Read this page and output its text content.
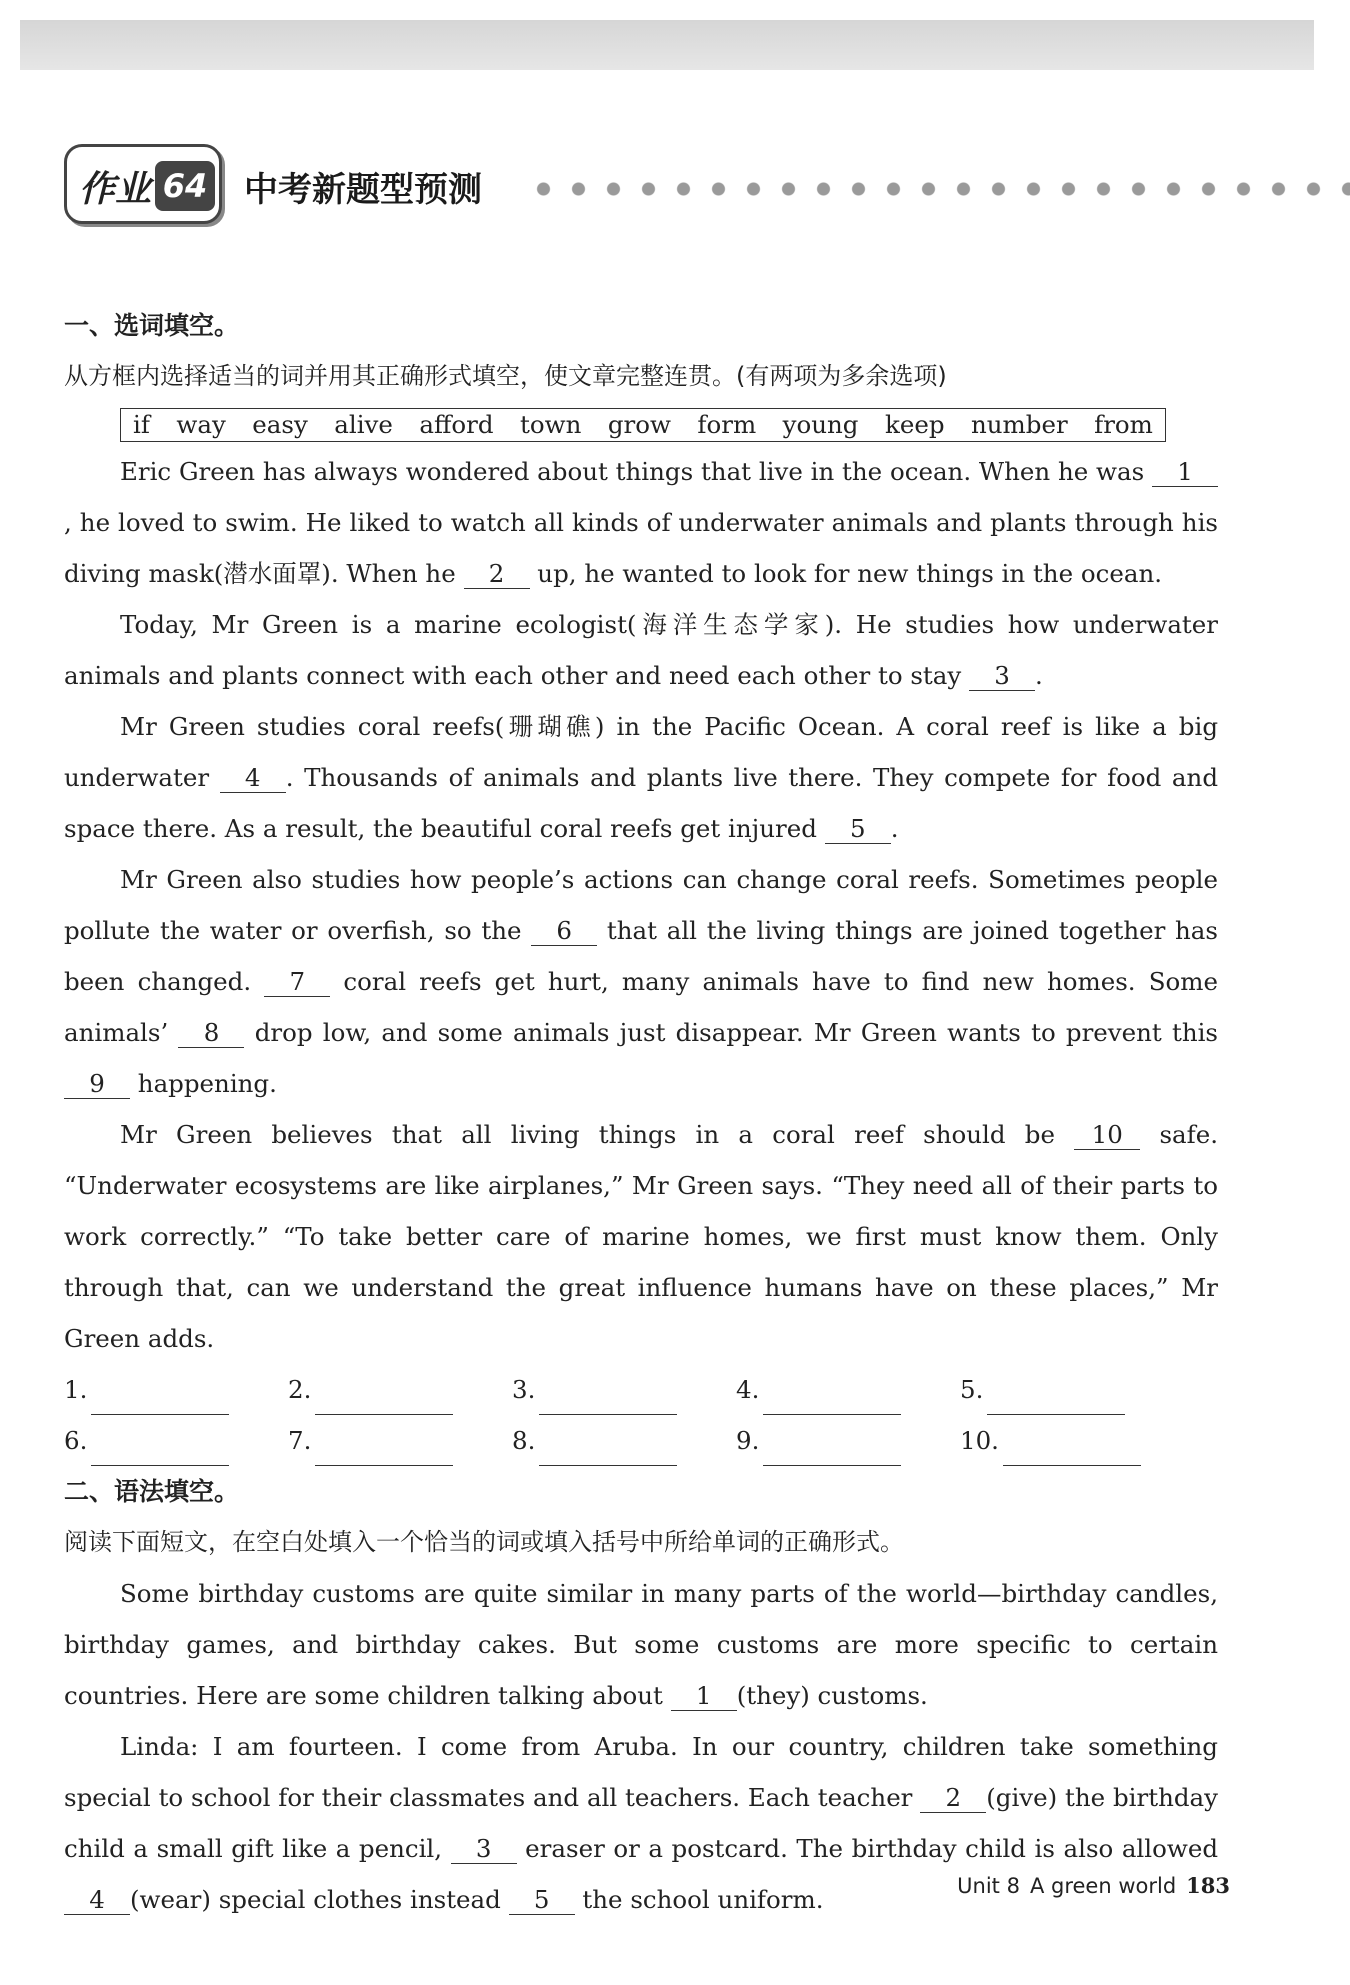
作业 64 中考新题型预测
一、选词填空。
从方框内选择适当的词并用其正确形式填空，使文章完整连贯。(有两项为多余选项)
if way easy alive afford town grow form young keep number from

Eric Green has always wondered about things that live in the ocean. When he was 1, he loved to swim. He liked to watch all kinds of underwater animals and plants through his diving mask(潜水面罩). When he 2 up, he wanted to look for new things in the ocean.

Today, Mr Green is a marine ecologist(海洋生态学家). He studies how underwater animals and plants connect with each other and need each other to stay 3 .

Mr Green studies coral reefs(珊瑚礁) in the Pacific Ocean. A coral reef is like a big underwater 4 . Thousands of animals and plants live there. They compete for food and space there. As a result, the beautiful coral reefs get injured 5 .

Mr Green also studies how people’s actions can change coral reefs. Sometimes people pollute the water or overfish, so the 6 that all the living things are joined together has been changed. 7 coral reefs get hurt, many animals have to find new homes. Some animals’ 8 drop low, and some animals just disappear. Mr Green wants to prevent this 9 happening.

Mr Green believes that all living things in a coral reef should be 10 safe. “Underwater ecosystems are like airplanes,” Mr Green says. “They need all of their parts to work correctly.” “To take better care of marine homes, we first must know them. Only through that, can we understand the great influence humans have on these places,” Mr Green adds.

1.	2.	3.	4.	5.
6.	7.	8.	9.	10.
二、语法填空。
阅读下面短文，在空白处填入一个恰当的词或填入括号中所给单词的正确形式。

Some birthday customs are quite similar in many parts of the world—birthday candles, birthday games, and birthday cakes. But some customs are more specific to certain countries. Here are some children talking about 1 (they) customs.

Linda: I am fourteen. I come from Aruba. In our country, children take something special to school for their classmates and all teachers. Each teacher 2 (give) the birthday child a small gift like a pencil, 3 eraser or a postcard. The birthday child is also allowed 4 (wear) special clothes instead 5 the school uniform.	Unit 8 A green world 183
